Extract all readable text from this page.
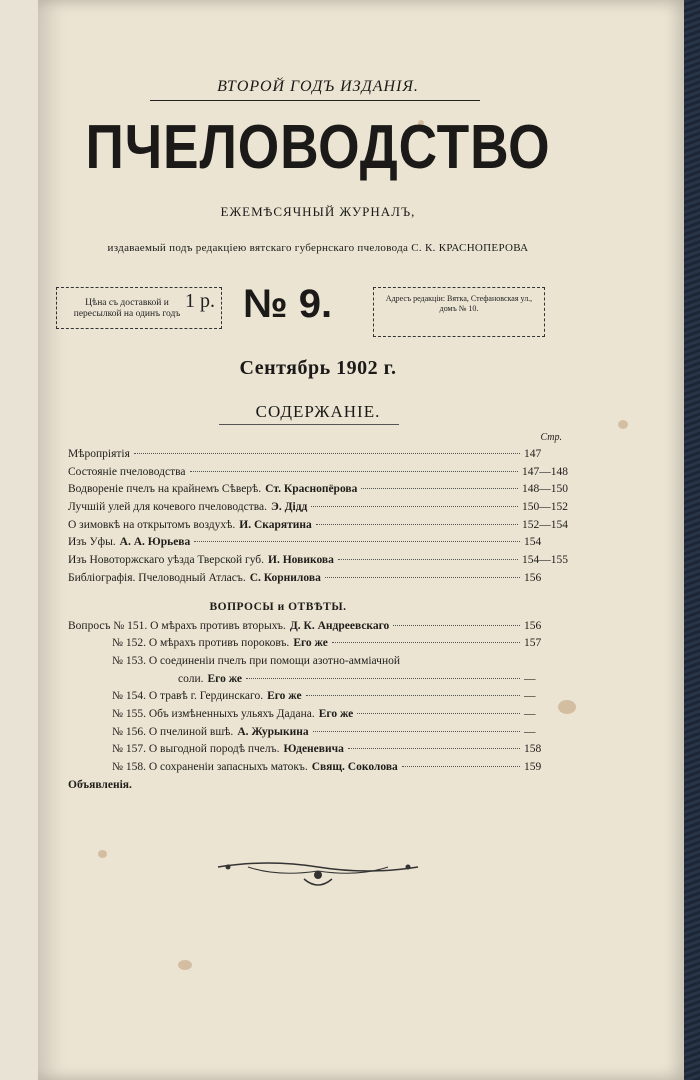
ВТОРОЙ ГОДЪ ИЗДАНІЯ.
ПЧЕЛОВОДСТВО
ЕЖЕМѢСЯЧНЫЙ ЖУРНАЛЪ,
издаваемый подъ редакціею вятскаго губернскаго пчеловода С. К. КРАСНОПЕРОВА
Цѣна съ доставкой и пересылкой на одинъ годъ
1 р. № 9.	Адресъ редакціи: Вятка, Стефановская ул., домъ № 10.
Сентябрь 1902 г.
СОДЕРЖАНІЕ.
Стр.
Мѣропріятія	147
Состояніе пчеловодства	147—148
Водвореніе пчелъ на крайнемъ Сѣверѣ. Ст. Краснопёрова	148—150
Лучшій улей для кочевого пчеловодства. Э. Дідд	150—152
О зимовкѣ на открытомъ воздухѣ. И. Скарятина	152—154
Изъ Уфы. А. А. Юрьева	154
Изъ Новоторжскаго уѣзда Тверской губ. И. Новикова	154—155
Библіографія. Пчеловодный Атласъ. С. Корнилова	156
ВОПРОСЫ и ОТВѢТЫ.
Вопросъ № 151. О мѣрахъ противъ вторыхъ. Д. К. Андреевскаго	156
№ 152. О мѣрахъ противъ пороковъ. Его же	157
№ 153. О соединеніи пчелъ при помощи азотно-амміачной
соли. Его же	—
№ 154. О травѣ г. Гердинскаго. Его же	—
№ 155. Объ измѣненныхъ ульяхъ Дадана. Его же	—
№ 156. О пчелиной вшѣ. А. Журыкина	—
№ 157. О выгодной породѣ пчелъ. Юденевича	158
№ 158. О сохраненіи запасныхъ матокъ. Свящ. Соколова	159
Объявленія.
